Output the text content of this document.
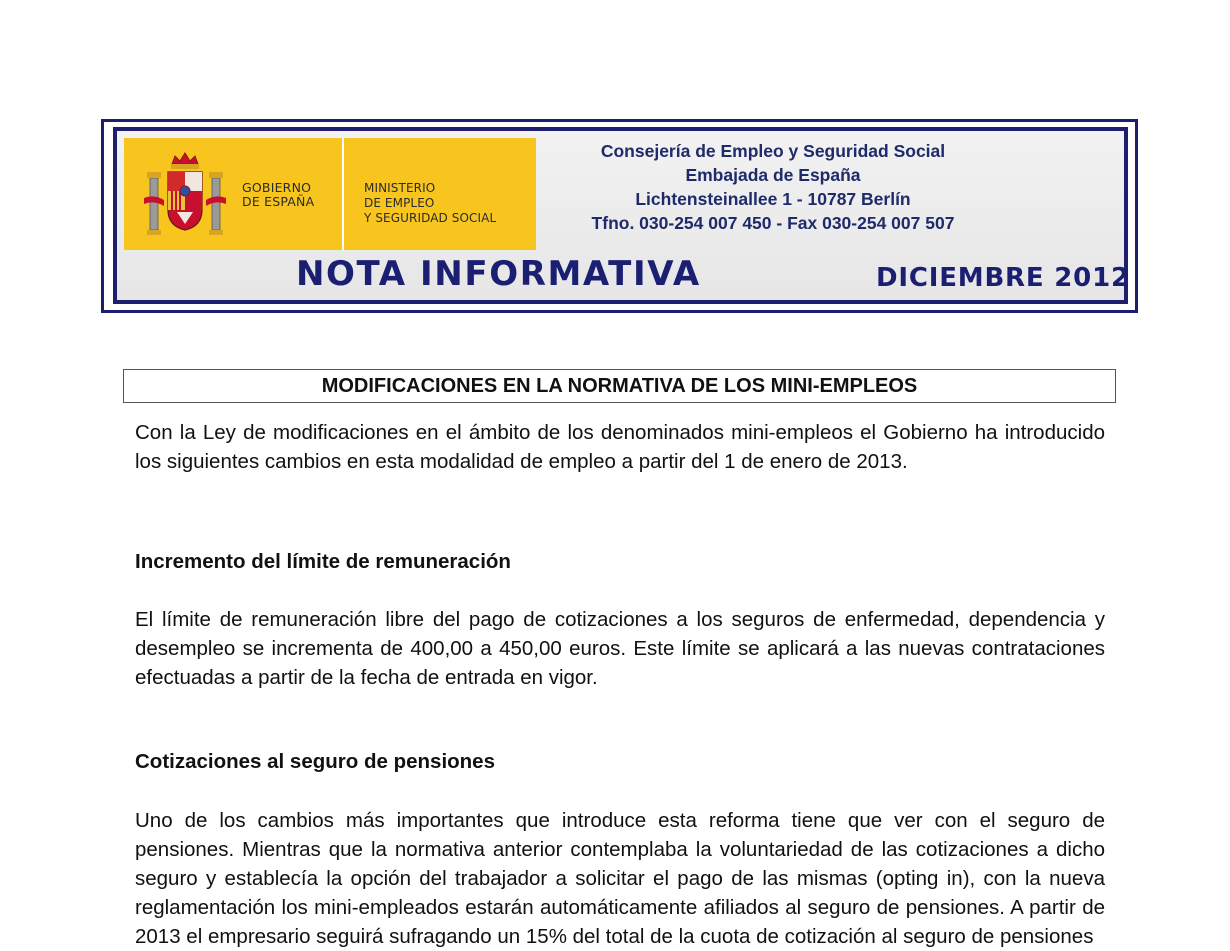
GOBIERNO
DE ESPAÑA
MINISTERIO
DE EMPLEO
Y SEGURIDAD SOCIAL
Consejería de Empleo y Seguridad Social
Embajada de España
Lichtensteinallee 1 - 10787 Berlín
Tfno. 030-254 007 450 - Fax 030-254 007 507
NOTA INFORMATIVA	DICIEMBRE 2012
MODIFICACIONES EN LA NORMATIVA DE LOS MINI-EMPLEOS

Con la Ley de modificaciones en el ámbito de los denominados mini-empleos el Gobierno ha introducido los siguientes cambios en esta modalidad de empleo a partir del 1 de enero de 2013.

Incremento del límite de remuneración

El límite de remuneración libre del pago de cotizaciones a los seguros de enfermedad, dependencia y desempleo se incrementa de 400,00 a 450,00 euros. Este límite se aplicará a las nuevas contrataciones efectuadas a partir de la fecha de entrada en vigor.

Cotizaciones al seguro de pensiones

Uno de los cambios más importantes que introduce esta reforma tiene que ver con el seguro de pensiones. Mientras que la normativa anterior contemplaba la voluntariedad de las cotizaciones a dicho seguro y establecía la opción del trabajador a solicitar el pago de las mismas (opting in), con la nueva reglamentación los mini-empleados estarán automáticamente afiliados al seguro de pensiones. A partir de 2013 el empresario seguirá sufragando un 15% del total de la cuota de cotización al seguro de pensiones
